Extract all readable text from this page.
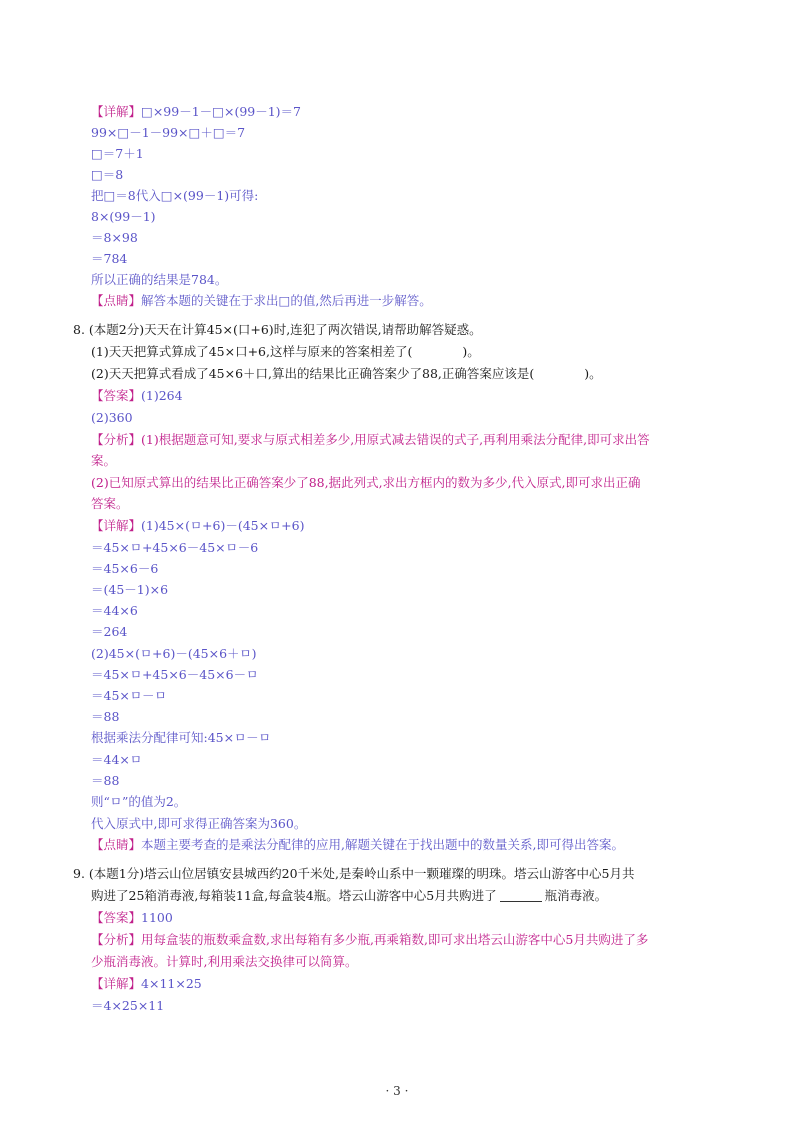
【详解】□×99－1－□×(99－1)＝7
99×□－1－99×□＋□＝7
□＝7＋1
□＝8
把□＝8代入□×(99－1)可得:
8×(99－1)
＝8×98
＝784
所以正确的结果是784。
【点睛】解答本题的关键在于求出□的值,然后再进一步解答。
8. (本题2分)天天在计算45×(口+6)时,连犯了两次错误,请帮助解答疑惑。
(1)天天把算式算成了45×口+6,这样与原来的答案相差了(　　　　)。
(2)天天把算式看成了45×6＋口,算出的结果比正确答案少了88,正确答案应该是(　　　　)。
【答案】(1)264
(2)360
【分析】(1)根据题意可知,要求与原式相差多少,用原式减去错误的式子,再利用乘法分配律,即可求出答
案。
(2)已知原式算出的结果比正确答案少了88,据此列式,求出方框内的数为多少,代入原式,即可求出正确
答案。
【详解】(1)45×(ㅁ+6)－(45×ㅁ+6)
＝45×ㅁ+45×6－45×ㅁ－6
＝45×6－6
＝(45－1)×6
＝44×6
＝264
(2)45×(ㅁ+6)－(45×6＋ㅁ)
＝45×ㅁ+45×6－45×6－ㅁ
＝45×ㅁ－ㅁ
＝88
根据乘法分配律可知:45×ㅁ－ㅁ
＝44×ㅁ
＝88
则“ㅁ”的值为2。
代入原式中,即可求得正确答案为360。
【点睛】本题主要考查的是乘法分配律的应用,解题关键在于找出题中的数量关系,即可得出答案。
9. (本题1分)塔云山位居镇安县城西约20千米处,是秦岭山系中一颗璀璨的明珠。塔云山游客中心5月共
购进了25箱消毒液,每箱装11盒,每盒装4瓶。塔云山游客中心5月共购进了	瓶消毒液。
【答案】1100
【分析】用每盒装的瓶数乘盒数,求出每箱有多少瓶,再乘箱数,即可求出塔云山游客中心5月共购进了多
少瓶消毒液。计算时,利用乘法交换律可以简算。
【详解】4×11×25
＝4×25×11
· 3 ·
